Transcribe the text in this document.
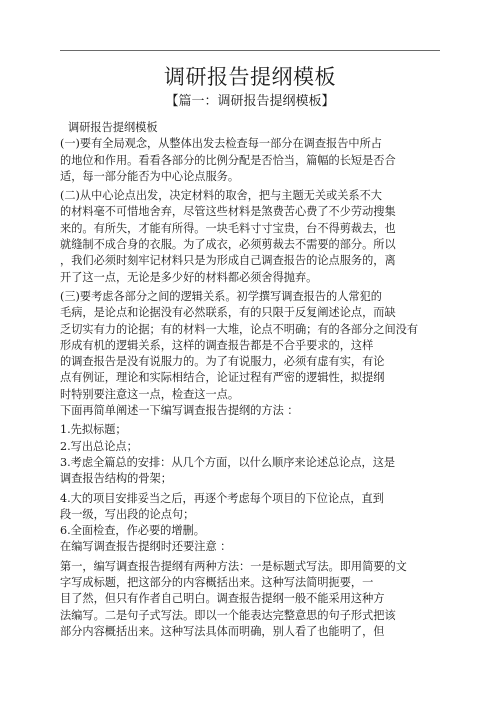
调研报告提纲模板
【篇一：调研报告提纲模板】
调研报告提纲模板
(一)要有全局观念，从整体出发去检查每一部分在调查报告中所占
的地位和作用。看看各部分的比例分配是否恰当，篇幅的长短是否合
适，每一部分能否为中心论点服务。
(二)从中心论点出发，决定材料的取舍，把与主题无关或关系不大
的材料毫不可惜地舍弃，尽管这些材料是煞费苦心费了不少劳动搜集
来的。有所失，才能有所得。一块毛料寸寸宝贵，台不得剪裁去，也
就缝制不成合身的衣服。为了成衣，必须剪裁去不需要的部分。所以
，我们必须时刻牢记材料只是为形成自己调查报告的论点服务的，离
开了这一点，无论是多少好的材料都必须舍得抛弃。
(三)要考虑各部分之间的逻辑关系。初学撰写调查报告的人常犯的
毛病，是论点和论据没有必然联系，有的只限于反复阐述论点，而缺
乏切实有力的论据；有的材料一大堆，论点不明确；有的各部分之间没有
形成有机的逻辑关系，这样的调查报告都是不合乎要求的，这样
的调查报告是没有说服力的。为了有说服力，必须有虚有实，有论
点有例证，理论和实际相结合，论证过程有严密的逻辑性，拟提纲
时特别要注意这一点，检查这一点。
下面再简单阐述一下编写调查报告提纲的方法 ：
1.先拟标题；
2.写出总论点；
3.考虑全篇总的安排：从几个方面，以什么顺序来论述总论点，这是
调查报告结构的骨架；
4.大的项目安排妥当之后，再逐个考虑每个项目的下位论点，直到
段一级，写出段的论点句；
6.全面检查，作必要的增删。
在编写调查报告提纲时还要注意 ：
第一，编写调查报告提纲有两种方法：一是标题式写法。即用简要的文
字写成标题，把这部分的内容概括出来。这种写法简明扼要，一
目了然，但只有作者自己明白。调查报告提纲一般不能采用这种方
法编写。二是句子式写法。即以一个能表达完整意思的句子形式把该
部分内容概括出来。这种写法具体而明确，别人看了也能明了，但
